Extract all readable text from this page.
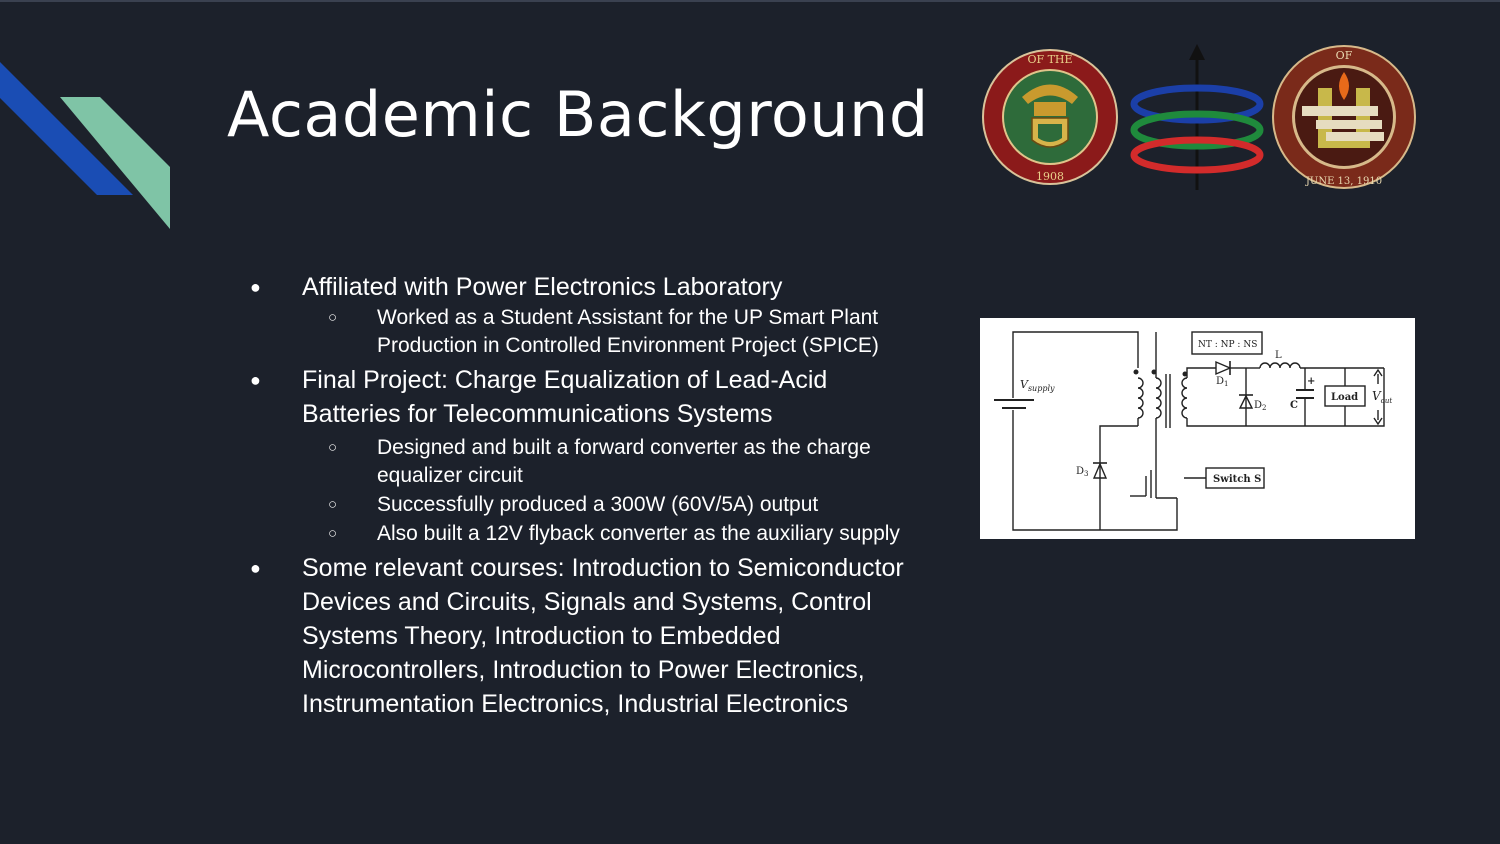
Academic Background
OF THE
1908
OF
JUNE 13, 1910
●	Affiliated with Power Electronics Laboratory
○ Worked as a Student Assistant for the UP Smart Plant
Production in Controlled Environment Project (SPICE)
●	Final Project: Charge Equalization of Lead-Acid
Batteries for Telecommunications Systems
○ Designed and built a forward converter as the charge
equalizer circuit
○ Successfully produced a 300W (60V/5A) output
○ Also built a 12V flyback converter as the auxiliary supply
●	Some relevant courses: Introduction to Semiconductor
Devices and Circuits, Signals and Systems, Control
Systems Theory, Introduction to Embedded
Microcontrollers, Introduction to Power Electronics,
Instrumentation Electronics, Industrial Electronics
$V_{supply}$
NT : NP : NS
$D_1$
$D_2$
$D_3$
L
C
+
Load $V_{out}$
Switch S
